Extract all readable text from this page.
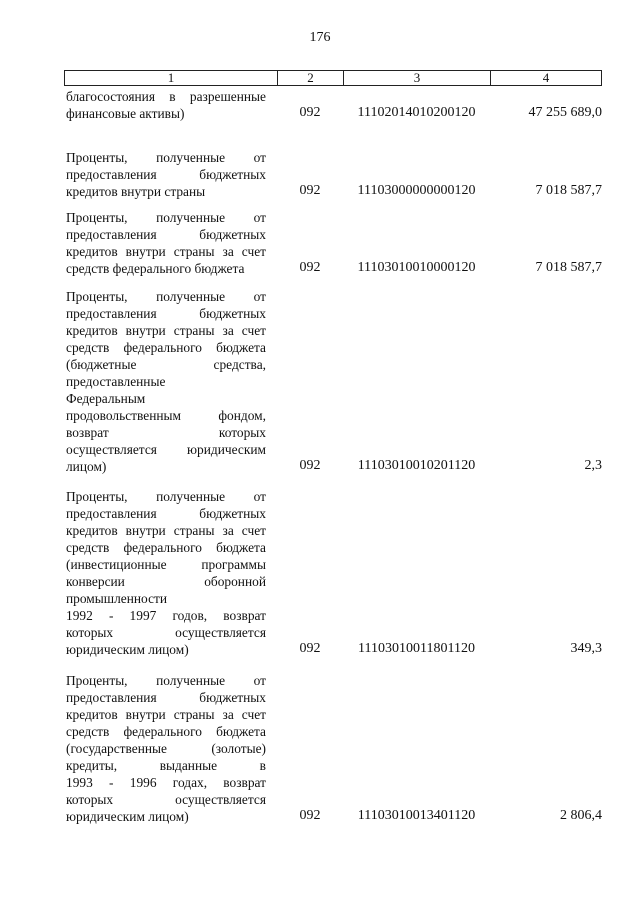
176
1	2	3	4
благосостояния в разрешенные
финансовые активы)	092	11102014010200120	47 255 689,0
Проценты, полученные от
предоставления бюджетных
кредитов внутри страны	092	11103000000000120	7 018 587,7
Проценты, полученные от
предоставления бюджетных
кредитов внутри страны за счет
средств федерального бюджета	092	11103010010000120	7 018 587,7
Проценты, полученные от
предоставления бюджетных
кредитов внутри страны за счет
средств федерального бюджета
(бюджетные средства,
предоставленные
Федеральным
продовольственным фондом,
возврат которых
осуществляется юридическим
лицом)	092	11103010010201120	2,3
Проценты, полученные от
предоставления бюджетных
кредитов внутри страны за счет
средств федерального бюджета
(инвестиционные программы
конверсии оборонной
промышленности
1992 - 1997 годов, возврат
которых осуществляется
юридическим лицом)	092	11103010011801120	349,3
Проценты, полученные от
предоставления бюджетных
кредитов внутри страны за счет
средств федерального бюджета
(государственные (золотые)
кредиты, выданные в
1993 - 1996 годах, возврат
которых осуществляется
юридическим лицом)	092	11103010013401120	2 806,4
